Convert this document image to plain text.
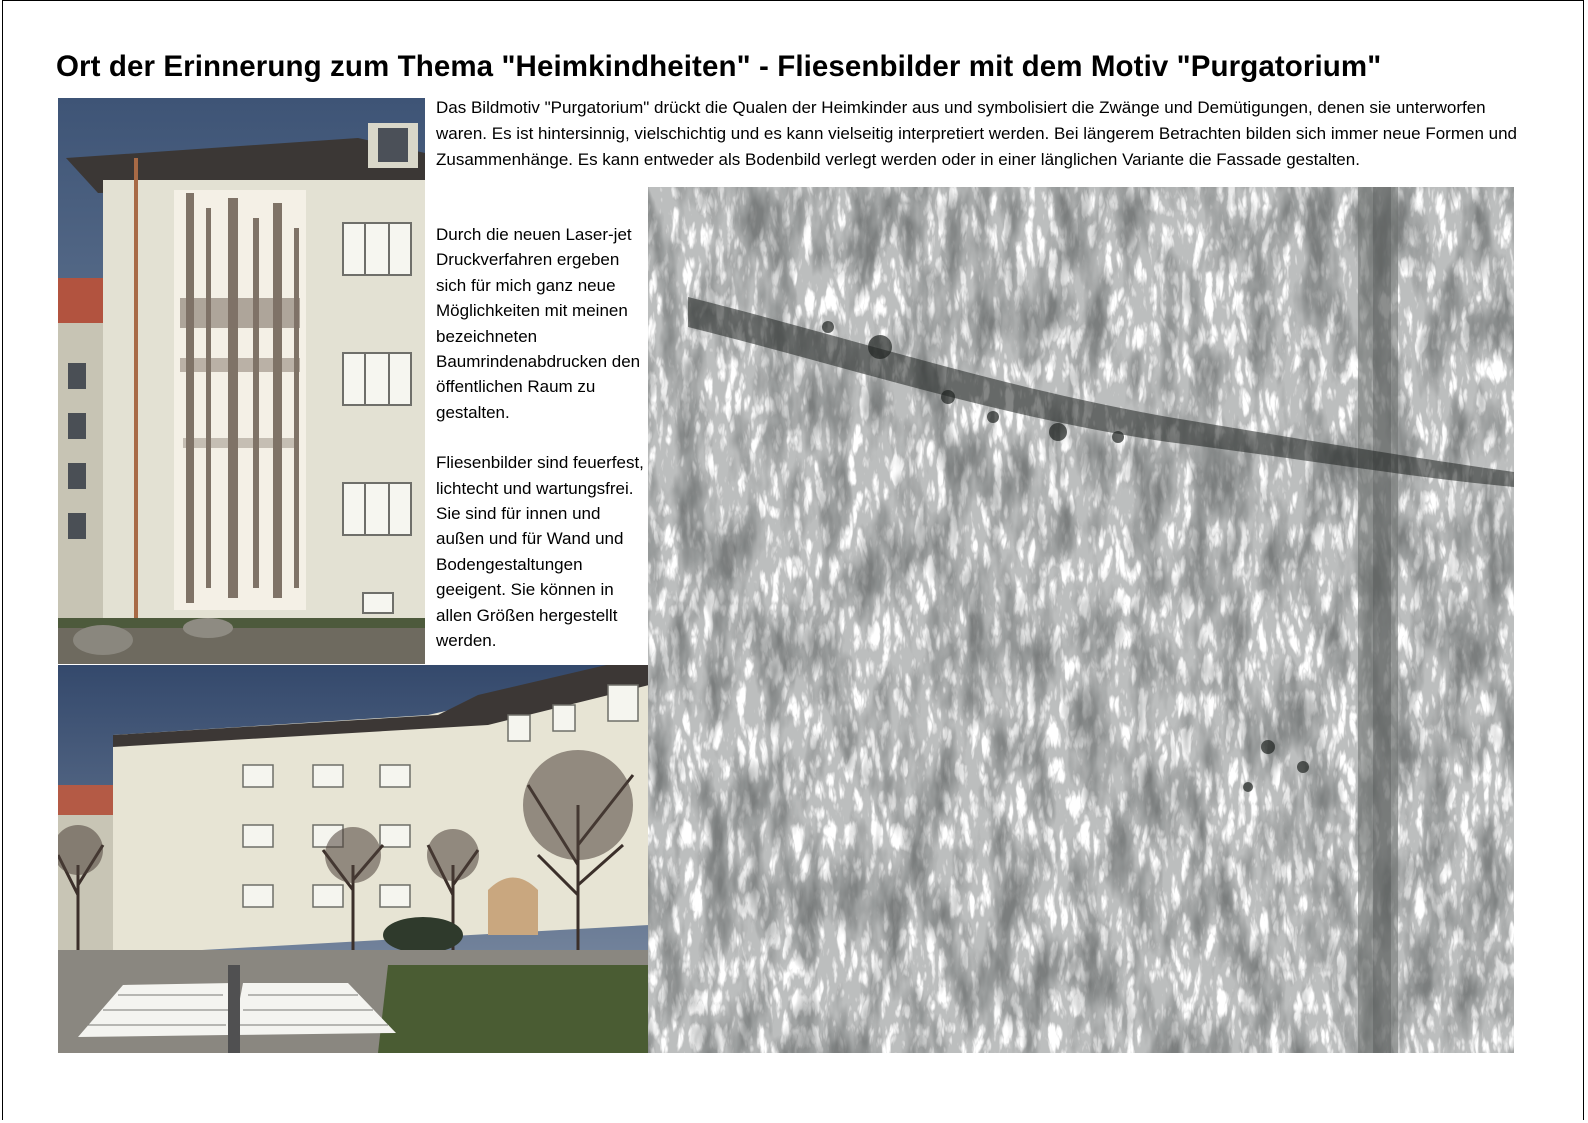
Ort der Erinnerung zum Thema "Heimkindheiten" - Fliesenbilder mit dem Motiv "Purgatorium"

Das Bildmotiv "Purgatorium" drückt die Qualen der Heimkinder aus und symbolisiert die Zwänge und Demütigungen, denen sie unterworfen waren. Es ist hintersinnig, vielschichtig und es kann vielseitig interpretiert werden. Bei längerem Betrachten bilden sich immer neue Formen und Zusammenhänge. Es kann entweder als Bodenbild verlegt werden oder in einer länglichen Variante die Fassade gestalten.

Durch die neuen Laser-jet Druckverfahren ergeben sich für mich ganz neue Möglichkeiten mit meinen bezeichneten Baumrindenabdrucken den öffentlichen Raum zu gestalten.

Fliesenbilder sind feuerfest, lichtecht und wartungsfrei. Sie sind für innen und außen und für Wand und Bodengestaltungen geeigent. Sie können in allen Größen hergestellt werden.
